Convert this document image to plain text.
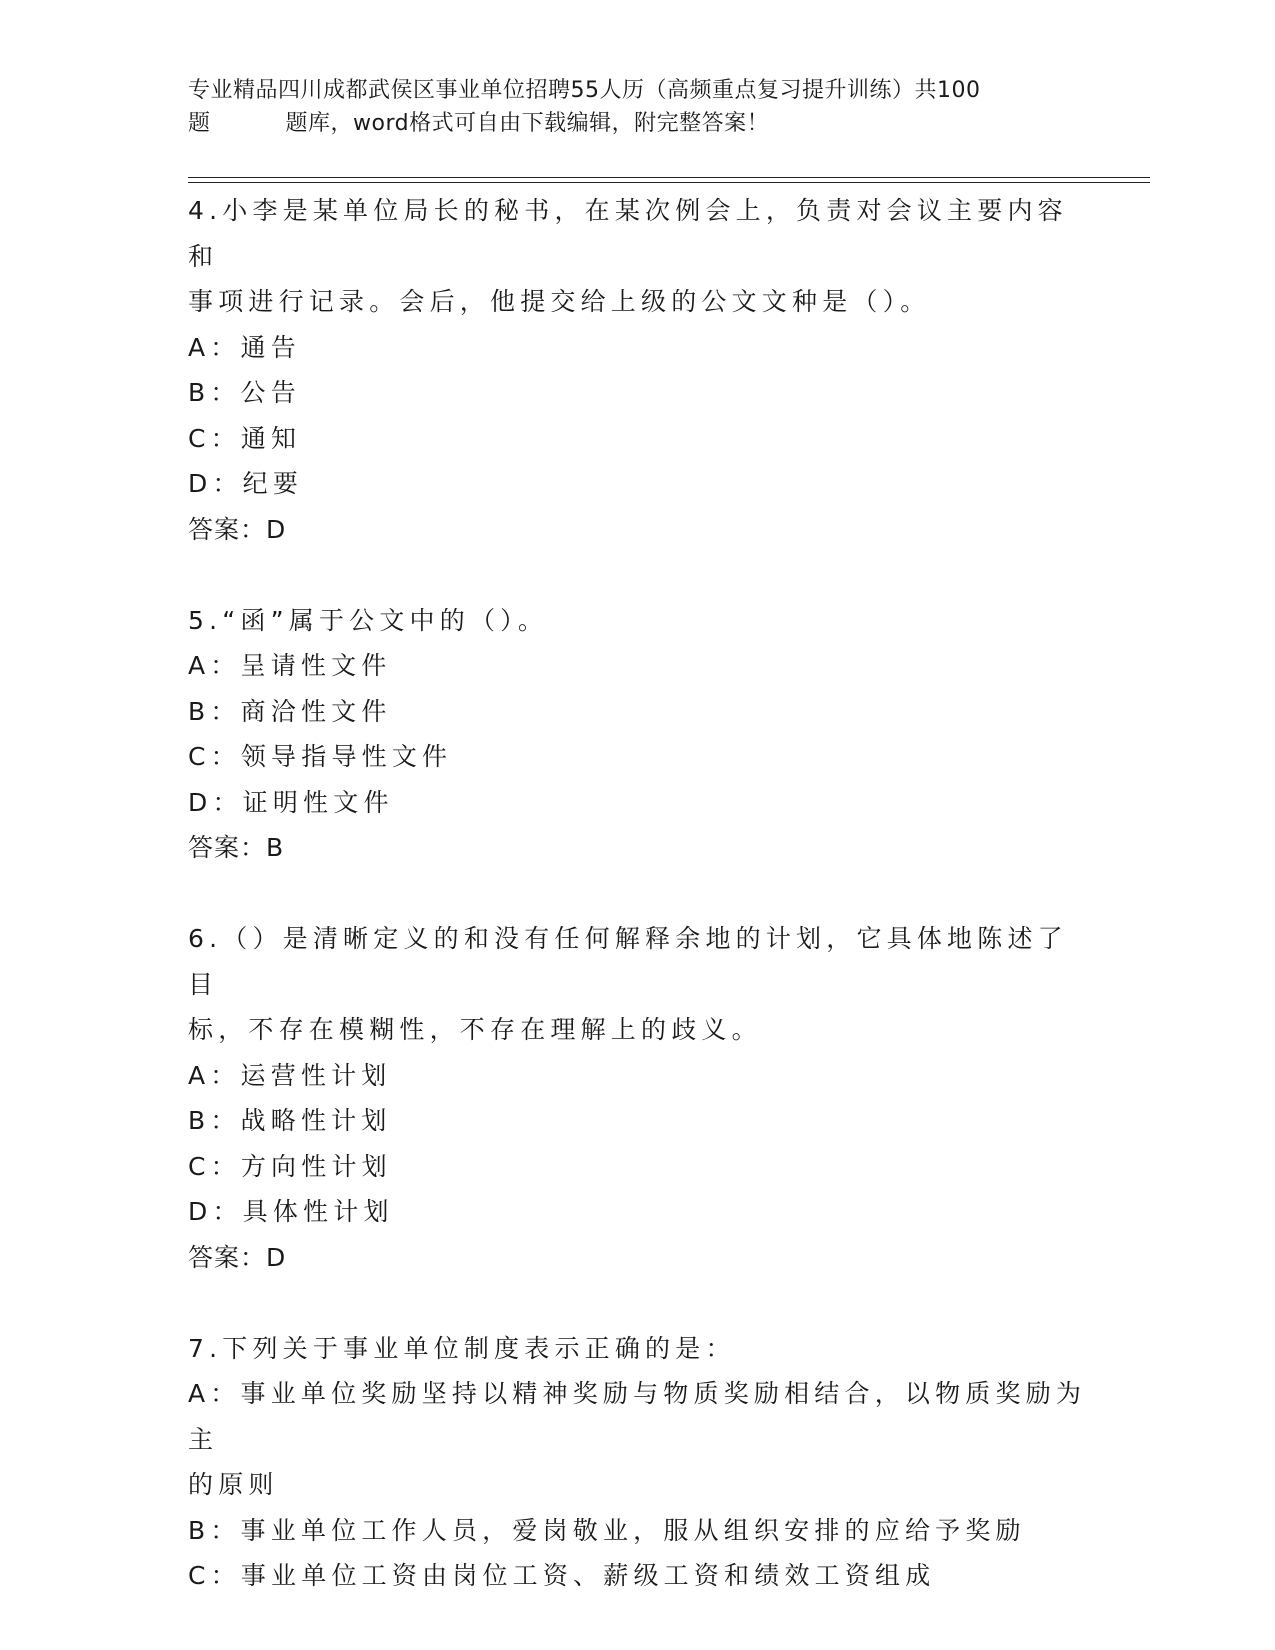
专业精品四川成都武侯区事业单位招聘55人历（高频重点复习提升训练）共100
题	题库，word格式可自由下载编辑，附完整答案！

4.小李是某单位局长的秘书，在某次例会上，负责对会议主要内容和

事项进行记录。会后，他提交给上级的公文文种是（）。

A：通告

B：公告

C：通知

D：纪要

答案：D

5.“函”属于公文中的（）。

A：呈请性文件

B：商洽性文件

C：领导指导性文件

D：证明性文件

答案：B

6.（）是清晰定义的和没有任何解释余地的计划，它具体地陈述了目

标，不存在模糊性，不存在理解上的歧义。

A：运营性计划

B：战略性计划

C：方向性计划

D：具体性计划

答案：D

7.下列关于事业单位制度表示正确的是：

A：事业单位奖励坚持以精神奖励与物质奖励相结合，以物质奖励为主

的原则

B：事业单位工作人员，爱岗敬业，服从组织安排的应给予奖励

C：事业单位工资由岗位工资、薪级工资和绩效工资组成
